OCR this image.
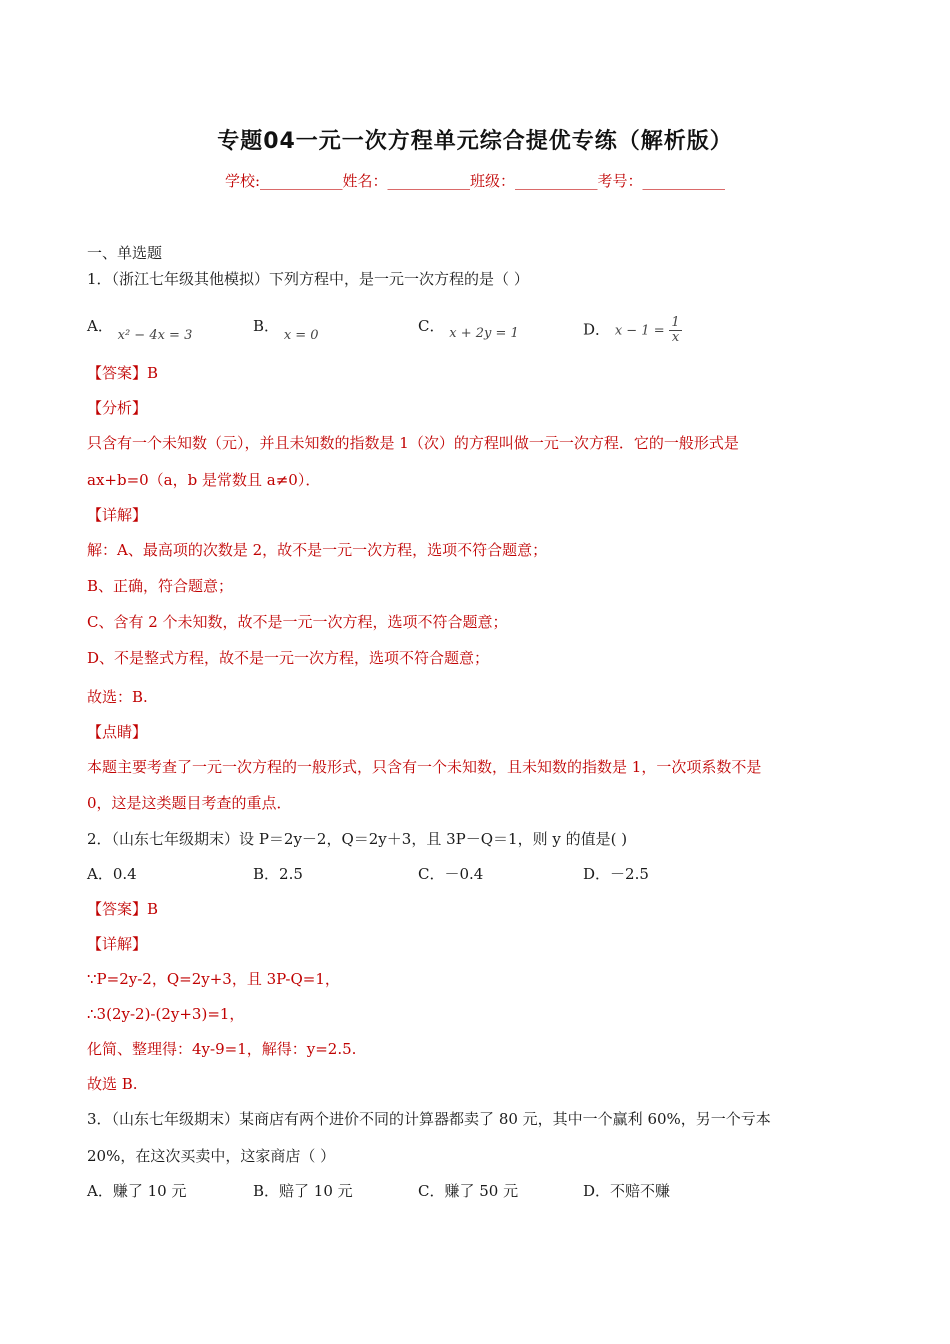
专题04一元一次方程单元综合提优专练（解析版）
学校:___________姓名：___________班级：___________考号：___________
一、单选题
1．（浙江七年级其他模拟）下列方程中，是一元一次方程的是（ ）
A． x² − 4x = 3
B． x = 0
C． x + 2y = 1	D． $x - 1 = \frac{1}{x}$
【答案】B
【分析】
只含有一个未知数（元），并且未知数的指数是 1（次）的方程叫做一元一次方程．它的一般形式是
ax+b=0（a，b 是常数且 a≠0）．
【详解】
解：A、最高项的次数是 2，故不是一元一次方程，选项不符合题意；
B、正确，符合题意；
C、含有 2 个未知数，故不是一元一次方程，选项不符合题意；
D、不是整式方程，故不是一元一次方程，选项不符合题意；
故选：B.
【点睛】
本题主要考查了一元一次方程的一般形式，只含有一个未知数，且未知数的指数是 1，一次项系数不是
0，这是这类题目考查的重点．
2．（山东七年级期末）设 P＝2y－2，Q＝2y＋3，且 3P－Q＝1，则 y 的值是( )
A．0.4	B．2.5	C．－0.4	D．－2.5
【答案】B
【详解】
∵P=2y-2，Q=2y+3，且 3P-Q=1，
∴3(2y-2)-(2y+3)=1，
化简、整理得：4y-9=1，解得：y=2.5.
故选 B.
3．（山东七年级期末）某商店有两个进价不同的计算器都卖了 80 元，其中一个赢利 60%，另一个亏本
20%，在这次买卖中，这家商店（ ）
A．赚了 10 元	B．赔了 10 元	C．赚了 50 元	D．不赔不赚
